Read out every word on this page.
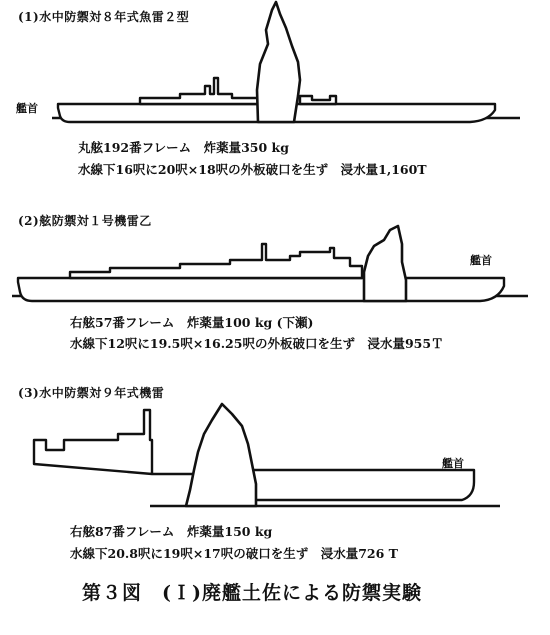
(1)水中防禦対８年式魚雷２型
艦首
丸舷192番フレーム　炸薬量350 kg
水線下16呎に20呎×18呎の外板破口を生ず　浸水量1,160T
(2)舷防禦対１号機雷乙
艦首
右舷57番フレーム　炸薬量100 kg (下瀬)
水線下12呎に19.5呎×16.25呎の外板破口を生ず　浸水量955Ｔ
(3)水中防禦対９年式機雷
艦首
右舷87番フレーム　炸薬量150 kg
水線下20.8呎に19呎×17呎の破口を生ず　浸水量726 T
第３図　(Ｉ)廃艦土佐による防禦実験
